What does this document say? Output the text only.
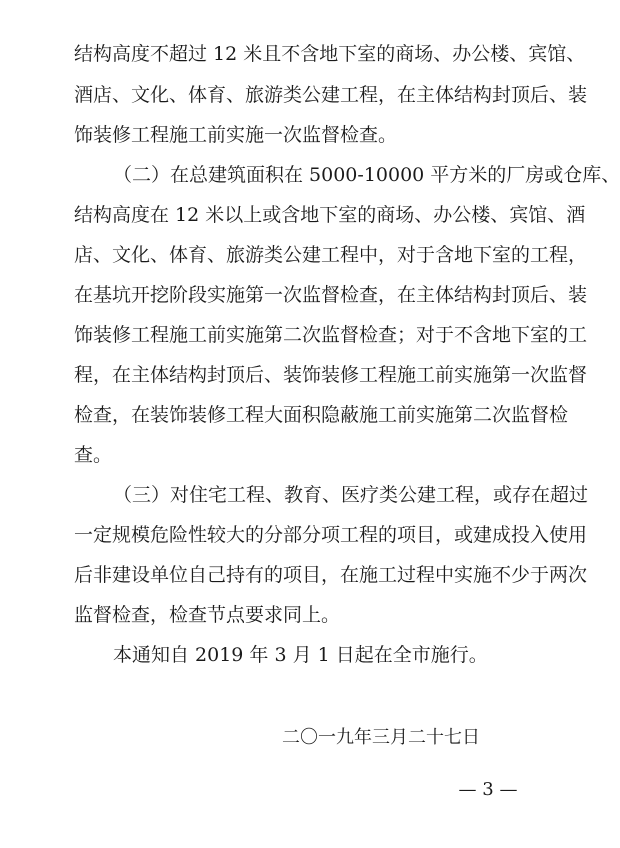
结构高度不超过 12 米且不含地下室的商场、办公楼、宾馆、
酒店、文化、体育、旅游类公建工程，在主体结构封顶后、装
饰装修工程施工前实施一次监督检查。
（二）在总建筑面积在 5000-10000 平方米的厂房或仓库、
结构高度在 12 米以上或含地下室的商场、办公楼、宾馆、酒
店、文化、体育、旅游类公建工程中，对于含地下室的工程，
在基坑开挖阶段实施第一次监督检查，在主体结构封顶后、装
饰装修工程施工前实施第二次监督检查；对于不含地下室的工
程，在主体结构封顶后、装饰装修工程施工前实施第一次监督
检查，在装饰装修工程大面积隐蔽施工前实施第二次监督检
查。
（三）对住宅工程、教育、医疗类公建工程，或存在超过
一定规模危险性较大的分部分项工程的项目，或建成投入使用
后非建设单位自己持有的项目，在施工过程中实施不少于两次
监督检查，检查节点要求同上。
本通知自 2019 年 3 月 1 日起在全市施行。
二〇一九年三月二十七日
— 3 —
